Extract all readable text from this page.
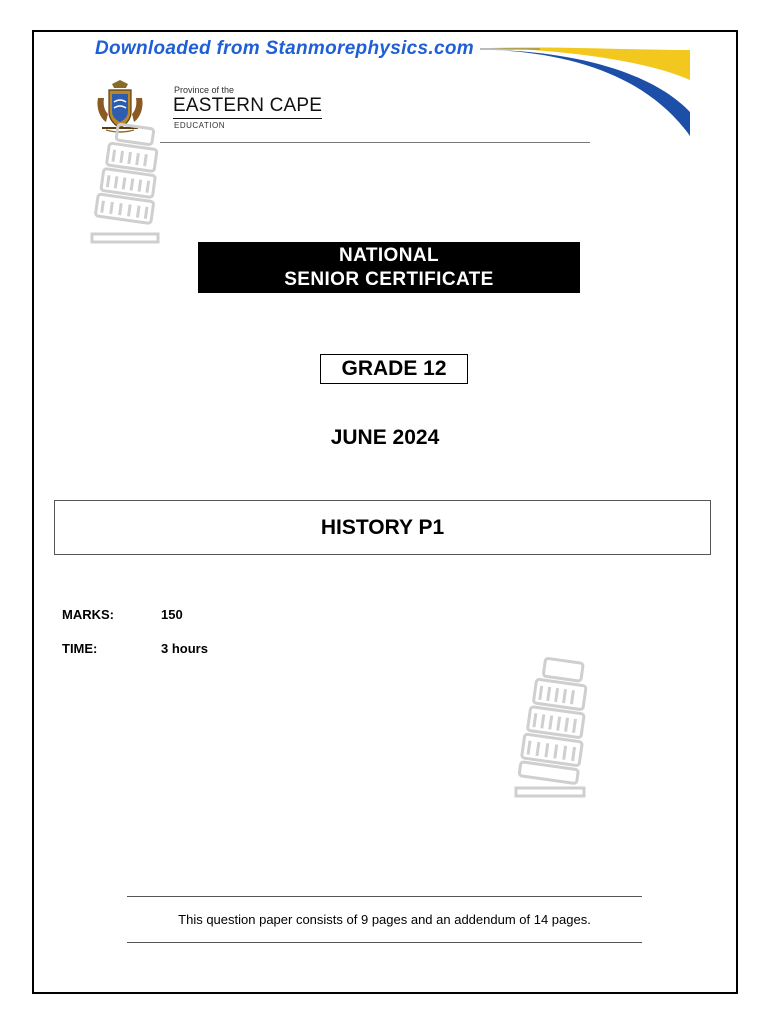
Downloaded from Stanmorephysics.com
Province of the
EASTERN CAPE
EDUCATION
NATIONAL
SENIOR CERTIFICATE
GRADE 12
JUNE 2024
HISTORY P1
MARKS:	150
TIME:	3 hours
This question paper consists of 9 pages and an addendum of 14 pages.
